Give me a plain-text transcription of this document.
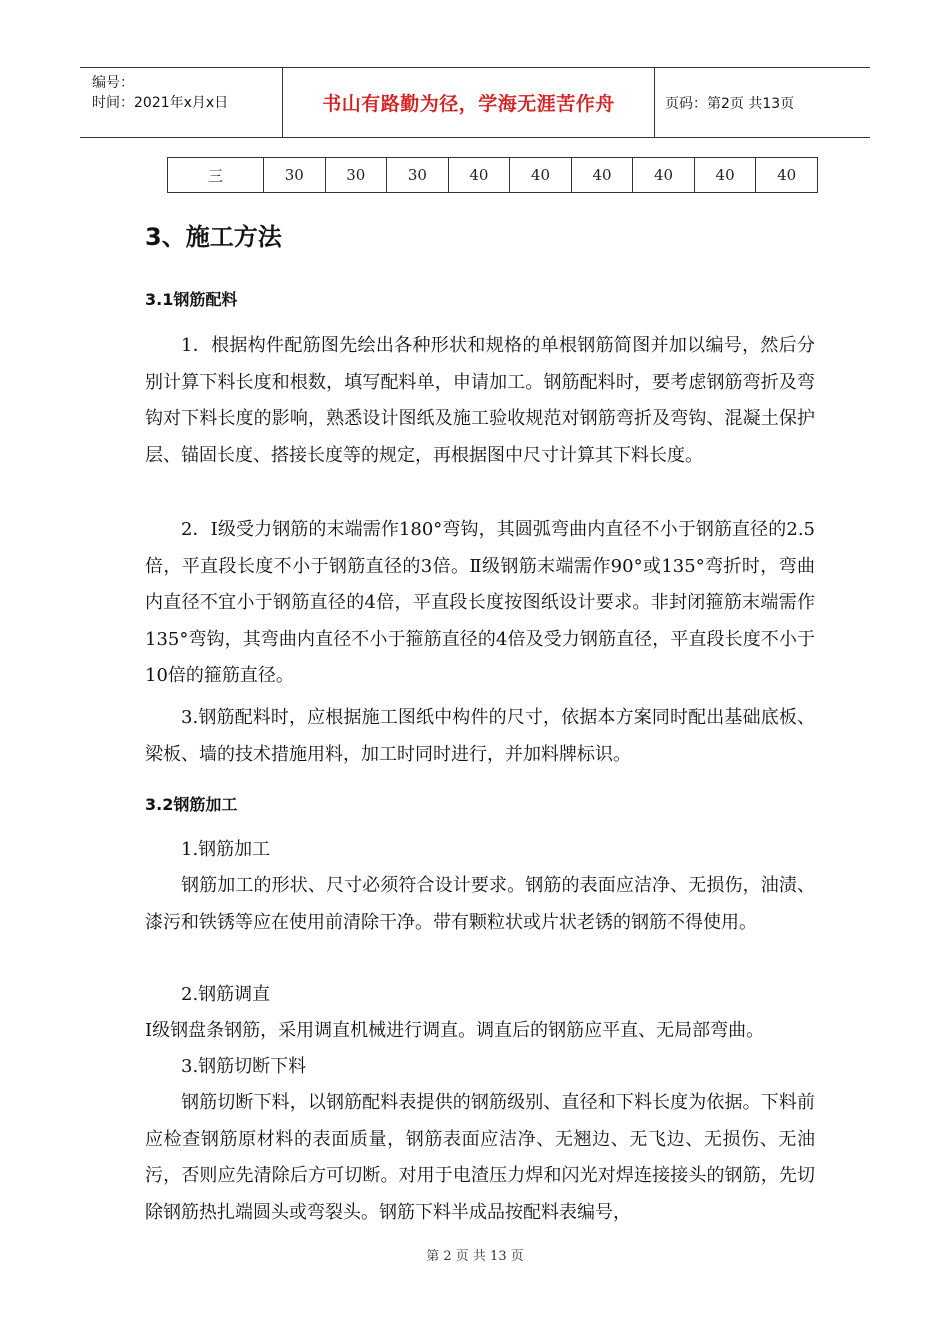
编号：
时间：2021年x月x日	书山有路勤为径，学海无涯苦作舟	页码：第2页 共13页
三	30	30	30	40	40	40	40	40	40
3、施工方法
3.1钢筋配料

1．根据构件配筋图先绘出各种形状和规格的单根钢筋简图并加以编号，然后分别计算下料长度和根数，填写配料单，申请加工。钢筋配料时，要考虑钢筋弯折及弯钩对下料长度的影响，熟悉设计图纸及施工验收规范对钢筋弯折及弯钩、混凝土保护层、锚固长度、搭接长度等的规定，再根据图中尺寸计算其下料长度。

2．Ⅰ级受力钢筋的末端需作180°弯钩，其圆弧弯曲内直径不小于钢筋直径的2.5倍，平直段长度不小于钢筋直径的3倍。Ⅱ级钢筋末端需作90°或135°弯折时，弯曲内直径不宜小于钢筋直径的4倍，平直段长度按图纸设计要求。非封闭箍筋末端需作135°弯钩，其弯曲内直径不小于箍筋直径的4倍及受力钢筋直径，平直段长度不小于10倍的箍筋直径。

3.钢筋配料时，应根据施工图纸中构件的尺寸，依据本方案同时配出基础底板、梁板、墙的技术措施用料，加工时同时进行，并加料牌标识。

3.2钢筋加工
1.钢筋加工

钢筋加工的形状、尺寸必须符合设计要求。钢筋的表面应洁净、无损伤，油渍、漆污和铁锈等应在使用前清除干净。带有颗粒状或片状老锈的钢筋不得使用。

2.钢筋调直
Ⅰ级钢盘条钢筋，采用调直机械进行调直。调直后的钢筋应平直、无局部弯曲。
3.钢筋切断下料

钢筋切断下料，以钢筋配料表提供的钢筋级别、直径和下料长度为依据。下料前应检查钢筋原材料的表面质量，钢筋表面应洁净、无翘边、无飞边、无损伤、无油污，否则应先清除后方可切断。对用于电渣压力焊和闪光对焊连接接头的钢筋，先切除钢筋热扎端圆头或弯裂头。钢筋下料半成品按配料表编号，

第 2 页 共 13 页
